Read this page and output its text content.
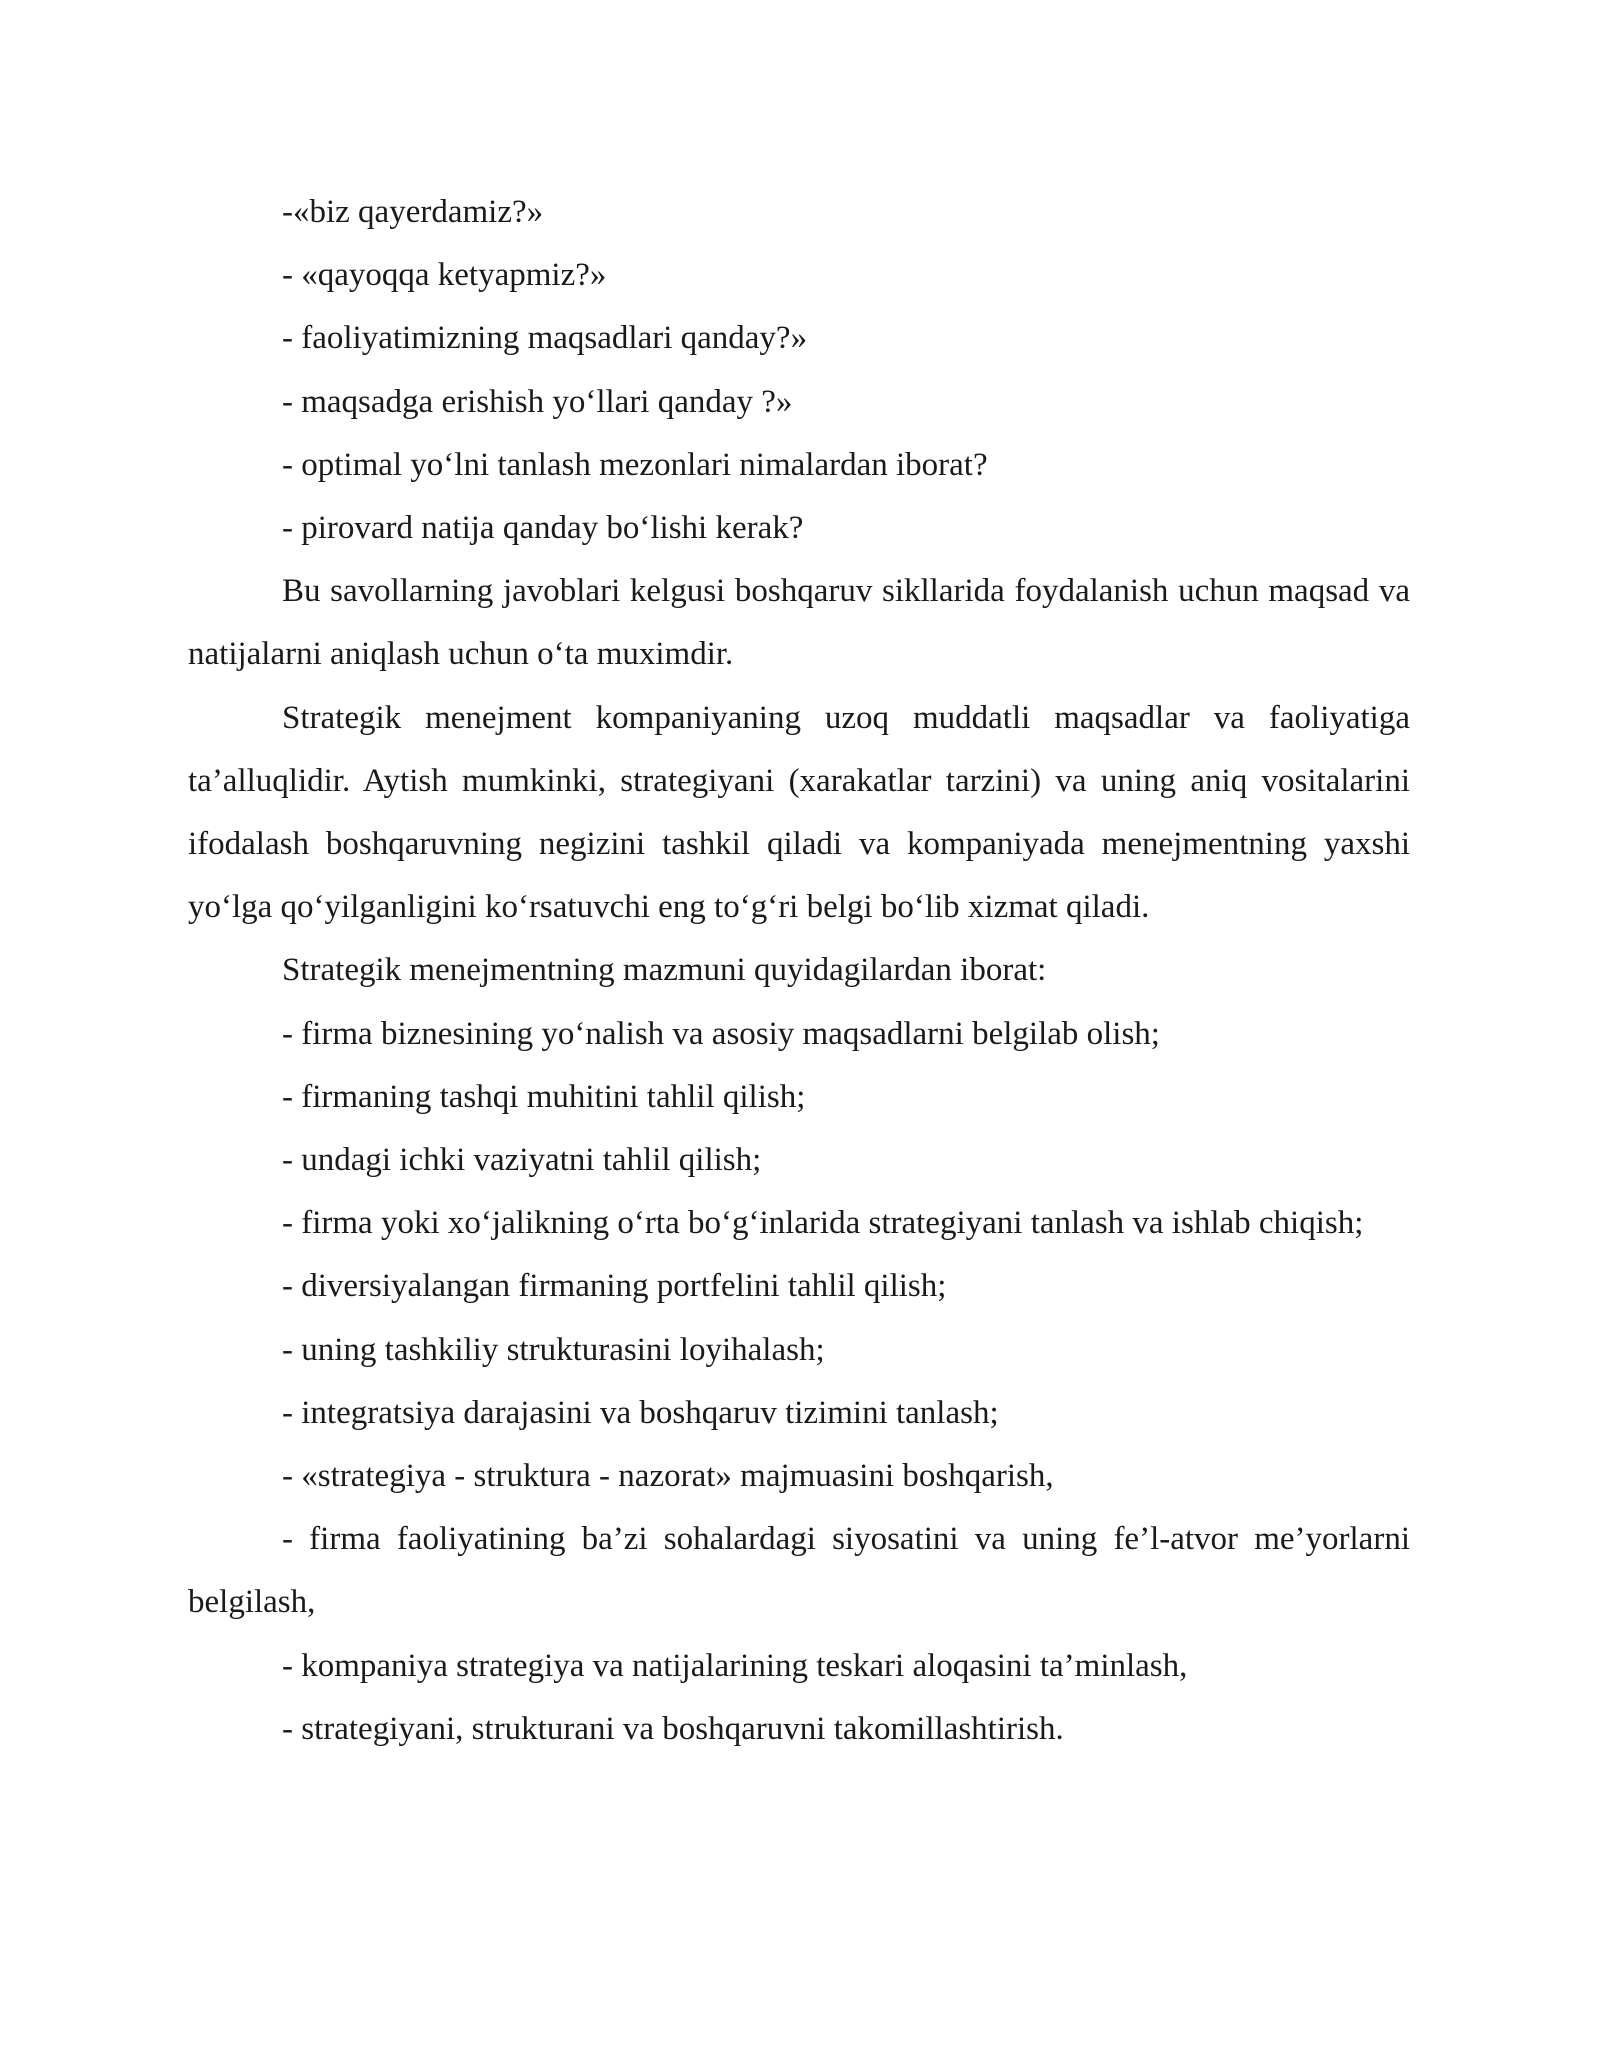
-«biz qayerdamiz?»

- «qayoqqa ketyapmiz?»

- faoliyatimizning maqsadlari qanday?»

- maqsadga erishish yo‘llari qanday ?»

- optimal yo‘lni tanlash mezonlari nimalardan iborat?

- pirovard natija qanday bo‘lishi kerak?

Bu savollarning javoblari kelgusi boshqaruv sikllarida foydalanish uchun maqsad va natijalarni aniqlash uchun o‘ta muximdir.

Strategik menejment kompaniyaning uzoq muddatli maqsadlar va faoliyatiga ta’alluqlidir. Aytish mumkinki, strategiyani (xarakatlar tarzini) va uning aniq vositalarini ifodalash boshqaruvning negizini tashkil qiladi va kompaniyada menejmentning yaxshi yo‘lga qo‘yilganligini ko‘rsatuvchi eng to‘g‘ri belgi bo‘lib xizmat qiladi.

Strategik menejmentning mazmuni quyidagilardan iborat:

- firma biznesining yo‘nalish va asosiy maqsadlarni belgilab olish;

- firmaning tashqi muhitini tahlil qilish;

- undagi ichki vaziyatni tahlil qilish;

- firma yoki xo‘jalikning o‘rta bo‘g‘inlarida strategiyani tanlash va ishlab chiqish;

- diversiyalangan firmaning portfelini tahlil qilish;

- uning tashkiliy strukturasini loyihalash;

- integratsiya darajasini va boshqaruv tizimini tanlash;

- «strategiya - struktura - nazorat» majmuasini boshqarish,

- firma faoliyatining ba’zi sohalardagi siyosatini va uning fe’l-atvor me’yorlarni belgilash,

- kompaniya strategiya va natijalarining teskari aloqasini ta’minlash,

- strategiyani, strukturani va boshqaruvni takomillashtirish.
